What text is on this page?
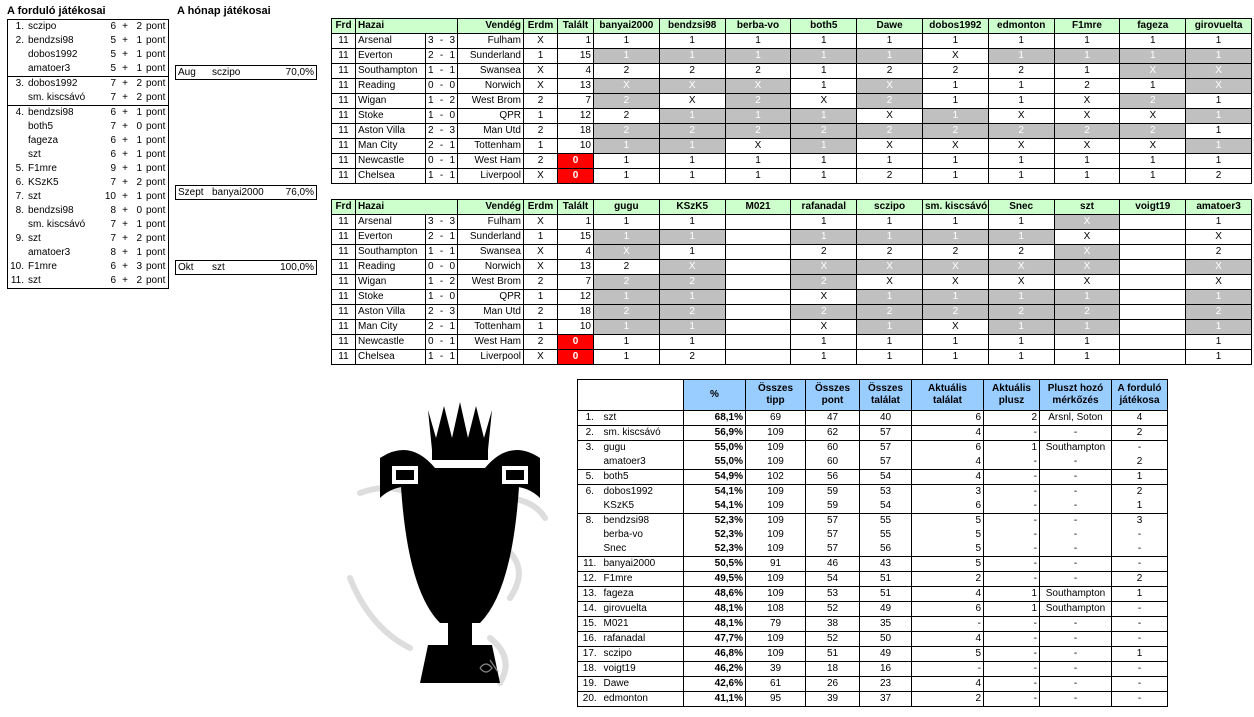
A forduló játékosai	A hónap játékosai
1.	sczipo	6	+	2	pont
2.	bendzsi98	5	+	1	pont
	dobos1992	5	+	1	pont
	amatoer3	5	+	1	pont
3.	dobos1992	7	+	2	pont
	sm. kiscsávó	7	+	2	pont
4.	bendzsi98	6	+	1	pont
	both5	7	+	0	pont
	fageza	6	+	1	pont
	szt	6	+	1	pont
5.	F1mre	9	+	1	pont
6.	KSzK5	7	+	2	pont
7.	szt	10	+	1	pont
8.	bendzsi98	8	+	0	pont
	sm. kiscsávó	7	+	1	pont
9.	szt	7	+	2	pont
	amatoer3	8	+	1	pont
10.	F1mre	6	+	3	pont
11.	szt	6	+	2	pont
Aug	sczipo	70,0%
Szept banyai2000	76,0%
Okt	szt	100,0%
Frd	Hazai				Vendég	Erdm	Talált	banyai2000	bendzsi98	berba-vo	both5	Dawe	dobos1992	edmonton	F1mre	fageza	girovuelta
11	Arsenal	3	-	3	Fulham	X	1	1	1	1	1	1	1	1	1	1	1
11	Everton	2	-	1	Sunderland	1	15	1	1	1	1	1	X	1	1	1	1
11	Southampton	1	-	1	Swansea	X	4	2	2	2	1	2	2	2	1	X	X
11	Reading	0	-	0	Norwich	X	13	X	X	X	1	X	1	1	2	1	X
11	Wigan	1	-	2	West Brom	2	7	2	X	2	X	2	1	1	X	2	1
11	Stoke	1	-	0	QPR	1	12	2	1	1	1	X	1	X	X	X	1
11	Aston Villa	2	-	3	Man Utd	2	18	2	2	2	2	2	2	2	2	2	1
11	Man City	2	-	1	Tottenham	1	10	1	1	X	1	X	X	X	X	X	1
11	Newcastle	0	-	1	West Ham	2	0	1	1	1	1	1	1	1	1	1	1
11	Chelsea	1	-	1	Liverpool	X	0	1	1	1	1	2	1	1	1	1	2
Frd	Hazai				Vendég	Erdm	Talált	gugu	KSzK5	M021	rafanadal	sczipo	sm. kiscsávó	Snec	szt	voigt19	amatoer3
11	Arsenal	3	-	3	Fulham	X	1	1	1		1	1	1	1	X		1
11	Everton	2	-	1	Sunderland	1	15	1	1		1	1	1	1	X		X
11	Southampton	1	-	1	Swansea	X	4	X	1		2	2	2	2	X		2
11	Reading	0	-	0	Norwich	X	13	2	X		X	X	X	X	X		X
11	Wigan	1	-	2	West Brom	2	7	2	2		2	X	X	X	X		X
11	Stoke	1	-	0	QPR	1	12	1	1		X	1	1	1	1		1
11	Aston Villa	2	-	3	Man Utd	2	18	2	2		2	2	2	2	2		2
11	Man City	2	-	1	Tottenham	1	10	1	1		X	1	X	1	1		1
11	Newcastle	0	-	1	West Ham	2	0	1	1		1	1	1	1	1		1
11	Chelsea	1	-	1	Liverpool	X	0	1	2		1	1	1	1	1		1
		%	Összes tipp	Összes pont	Összes találat	Aktuális találat	Aktuális plusz	Pluszt hozó mérkőzés	A forduló játékosa
1.	szt	68,1%	69	47	40	6	2	Arsnl, Soton	4
2.	sm. kiscsávó	56,9%	109	62	57	4	-	-	2
3.	gugu	55,0%	109	60	57	6	1	Southampton	-
	amatoer3	55,0%	109	60	57	4	-	-	2
5.	both5	54,9%	102	56	54	4	-	-	1
6.	dobos1992	54,1%	109	59	53	3	-	-	2
	KSzK5	54,1%	109	59	54	6	-	-	1
8.	bendzsi98	52,3%	109	57	55	5	-	-	3
	berba-vo	52,3%	109	57	55	5	-	-	-
	Snec	52,3%	109	57	56	5	-	-	-
11.	banyai2000	50,5%	91	46	43	5	-	-	-
12.	F1mre	49,5%	109	54	51	2	-	-	2
13.	fageza	48,6%	109	53	51	4	1	Southampton	1
14.	girovuelta	48,1%	108	52	49	6	1	Southampton	-
15.	M021	48,1%	79	38	35	-	-	-	-
16.	rafanadal	47,7%	109	52	50	4	-	-	-
17.	sczipo	46,8%	109	51	49	5	-	-	1
18.	voigt19	46,2%	39	18	16	-	-	-	-
19.	Dawe	42,6%	61	26	23	4	-	-	-
20.	edmonton	41,1%	95	39	37	2	-	-	-
